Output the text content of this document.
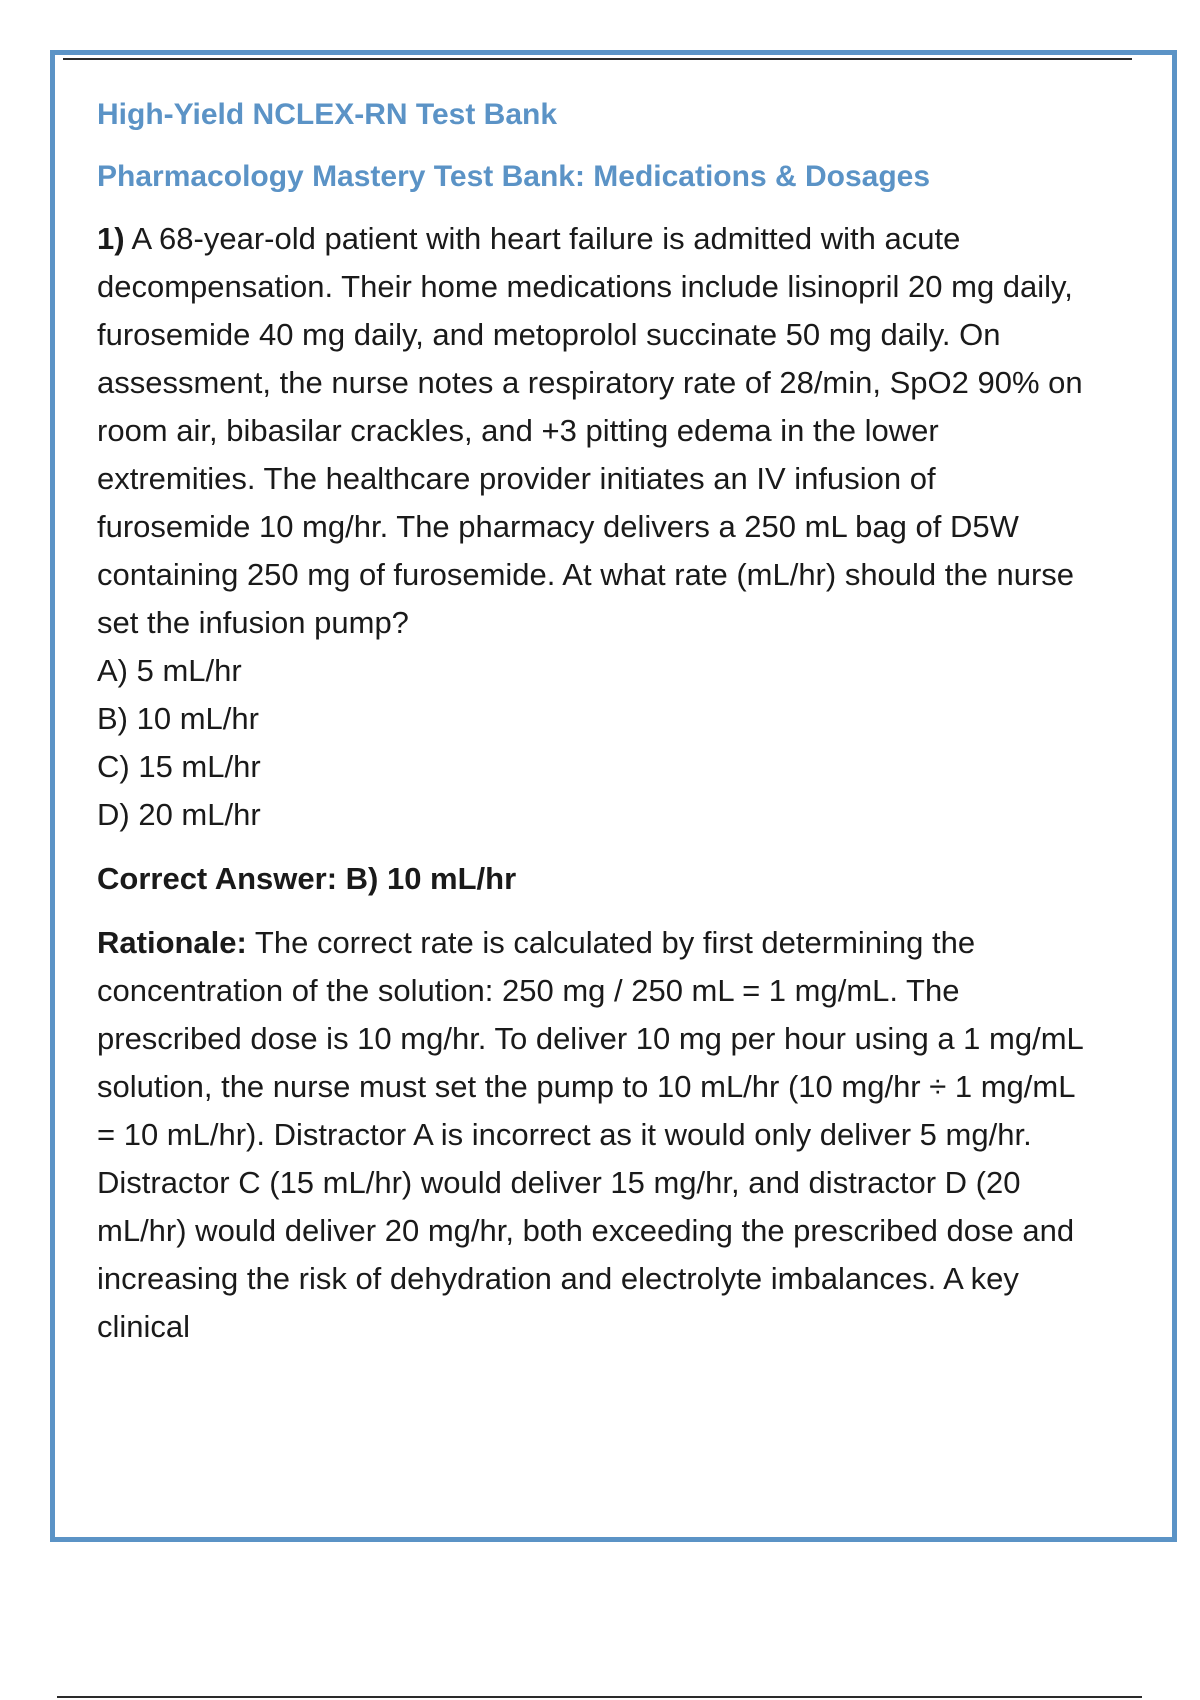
High-Yield NCLEX-RN Test Bank
Pharmacology Mastery Test Bank: Medications & Dosages

1) A 68-year-old patient with heart failure is admitted with acute decompensation. Their home medications include lisinopril 20 mg daily, furosemide 40 mg daily, and metoprolol succinate 50 mg daily. On assessment, the nurse notes a respiratory rate of 28/min, SpO2 90% on room air, bibasilar crackles, and +3 pitting edema in the lower extremities. The healthcare provider initiates an IV infusion of furosemide 10 mg/hr. The pharmacy delivers a 250 mL bag of D5W containing 250 mg of furosemide. At what rate (mL/hr) should the nurse set the infusion pump?

A) 5 mL/hr
B) 10 mL/hr
C) 15 mL/hr
D) 20 mL/hr
Correct Answer: B) 10 mL/hr

Rationale: The correct rate is calculated by first determining the concentration of the solution: 250 mg / 250 mL = 1 mg/mL. The prescribed dose is 10 mg/hr. To deliver 10 mg per hour using a 1 mg/mL solution, the nurse must set the pump to 10 mL/hr (10 mg/hr ÷ 1 mg/mL = 10 mL/hr). Distractor A is incorrect as it would only deliver 5 mg/hr. Distractor C (15 mL/hr) would deliver 15 mg/hr, and distractor D (20 mL/hr) would deliver 20 mg/hr, both exceeding the prescribed dose and increasing the risk of dehydration and electrolyte imbalances. A key clinical
